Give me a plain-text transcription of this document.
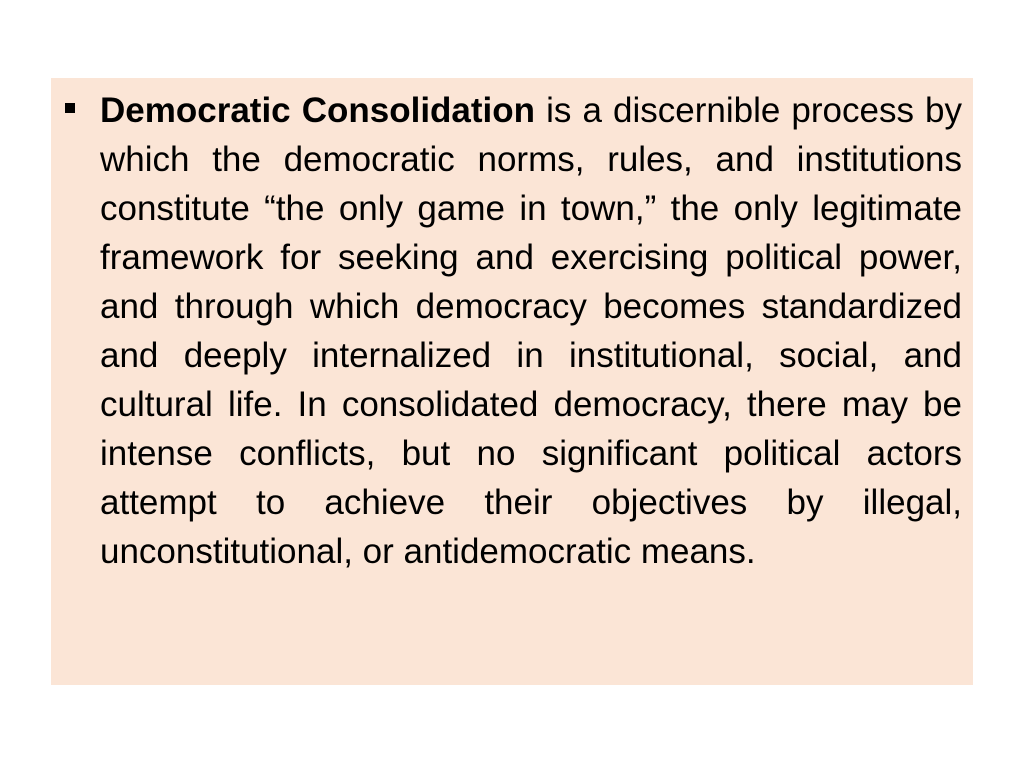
Democratic Consolidation is a discernible process by which the democratic norms, rules, and institutions constitute “the only game in town,” the only legitimate framework for seeking and exercising political power, and through which democracy becomes standardized and deeply internalized in institutional, social, and cultural life. In consolidated democracy, there may be intense conflicts, but no significant political actors attempt to achieve their objectives by illegal, unconstitutional, or antidemocratic means.
